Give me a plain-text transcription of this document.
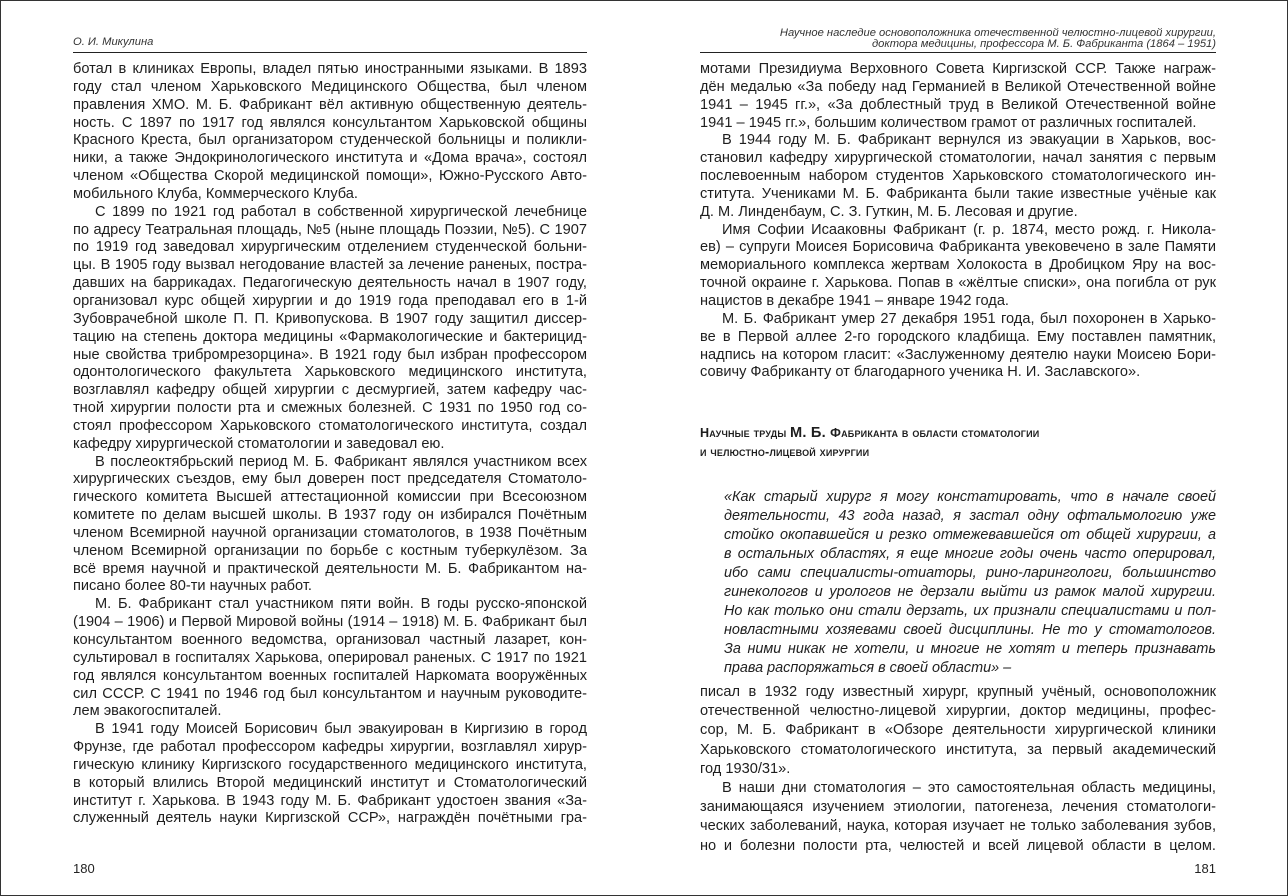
О. И. Микулина
ботал в клиниках Европы, владел пятью иностранными языками. В 1893
году стал членом Харьковского Медицинского Общества, был членом
правления ХМО. М. Б. Фабрикант вёл активную общественную деятель-
ность. С 1897 по 1917 год являлся консультантом Харьковской общины
Красного Креста, был организатором студенческой больницы и поликли-
ники, а также Эндокринологического института и «Дома врача», состоял
членом «Общества Скорой медицинской помощи», Южно-Русского Авто-
мобильного Клуба, Коммерческого Клуба.
С 1899 по 1921 год работал в собственной хирургической лечебнице
по адресу Театральная площадь, №5 (ныне площадь Поэзии, №5). С 1907
по 1919 год заведовал хирургическим отделением студенческой больни-
цы. В 1905 году вызвал негодование властей за лечение раненых, постра-
давших на баррикадах. Педагогическую деятельность начал в 1907 году,
организовал курс общей хирургии и до 1919 года преподавал его в 1-й
Зубоврачебной школе П. П. Кривопускова. В 1907 году защитил диссер-
тацию на степень доктора медицины «Фармакологические и бактерицид-
ные свойства трибромрезорцина». В 1921 году был избран профессором
одонтологического факультета Харьковского медицинского института,
возглавлял кафедру общей хирургии с десмургией, затем кафедру час-
тной хирургии полости рта и смежных болезней. С 1931 по 1950 год со-
стоял профессором Харьковского стоматологического института, создал
кафедру хирургической стоматологии и заведовал ею.
В послеоктябрьский период М. Б. Фабрикант являлся участником всех
хирургических съездов, ему был доверен пост председателя Стоматоло-
гического комитета Высшей аттестационной комиссии при Всесоюзном
комитете по делам высшей школы. В 1937 году он избирался Почётным
членом Всемирной научной организации стоматологов, в 1938 Почётным
членом Всемирной организации по борьбе с костным туберкулёзом. За
всё время научной и практической деятельности М. Б. Фабрикантом на-
писано более 80-ти научных работ.
М. Б. Фабрикант стал участником пяти войн. В годы русско-японской
(1904 – 1906) и Первой Мировой войны (1914 – 1918) М. Б. Фабрикант был
консультантом военного ведомства, организовал частный лазарет, кон-
сультировал в госпиталях Харькова, оперировал раненых. С 1917 по 1921
год являлся консультантом военных госпиталей Наркомата вооружённых
сил СССР. С 1941 по 1946 год был консультантом и научным руководите-
лем эвакогоспиталей.
В 1941 году Моисей Борисович был эвакуирован в Киргизию в город
Фрунзе, где работал профессором кафедры хирургии, возглавлял хирур-
гическую клинику Киргизского государственного медицинского института,
в который влились Второй медицинский институт и Стоматологический
институт г. Харькова. В 1943 году М. Б. Фабрикант удостоен звания «За-
служенный деятель науки Киргизской ССР», награждён почётными гра-
180
Научное наследие основоположника отечественной челюстно-лицевой хирургии,
доктора медицины, профессора М. Б. Фабриканта (1864 – 1951)
мотами Президиума Верховного Совета Киргизской ССР. Также награж-
дён медалью «За победу над Германией в Великой Отечественной войне
1941 – 1945 гг.», «За доблестный труд в Великой Отечественной войне
1941 – 1945 гг.», большим количеством грамот от различных госпиталей.
В 1944 году М. Б. Фабрикант вернулся из эвакуации в Харьков, вос-
становил кафедру хирургической стоматологии, начал занятия с первым
послевоенным набором студентов Харьковского стоматологического ин-
ститута. Учениками М. Б. Фабриканта были такие известные учёные как
Д. М. Линденбаум, С. З. Гуткин, М. Б. Лесовая и другие.
Имя Софии Исааковны Фабрикант (г. р. 1874, место рожд. г. Никола-
ев) – супруги Моисея Борисовича Фабриканта увековечено в зале Памяти
мемориального комплекса жертвам Холокоста в Дробицком Яру на вос-
точной окраине г. Харькова. Попав в «жёлтые списки», она погибла от рук
нацистов в декабре 1941 – январе 1942 года.
М. Б. Фабрикант умер 27 декабря 1951 года, был похоронен в Харько-
ве в Первой аллее 2-го городского кладбища. Ему поставлен памятник,
надпись на котором гласит: «Заслуженному деятелю науки Моисею Бори-
совичу Фабриканту от благодарного ученика Н. И. Заславского».
Научные труды М. Б. Фабриканта в области стоматологии
и челюстно-лицевой хирургии
«Как старый хирург я могу констатировать, что в начале своей
деятельности, 43 года назад, я застал одну офтальмологию уже
стойко окопавшейся и резко отмежевавшейся от общей хирургии, а
в остальных областях, я еще многие годы очень часто оперировал,
ибо сами специалисты-отиаторы, рино-ларингологи, большинство
гинекологов и урологов не дерзали выйти из рамок малой хирургии.
Но как только они стали дерзать, их признали специалистами и пол-
новластными хозяевами своей дисциплины. Не то у стоматологов.
За ними никак не хотели, и многие не хотят и теперь признавать
права распоряжаться в своей области» –
писал в 1932 году известный хирург, крупный учёный, основоположник
отечественной челюстно-лицевой хирургии, доктор медицины, профес-
сор, М. Б. Фабрикант в «Обзоре деятельности хирургической клиники
Харьковского стоматологического института, за первый академический
год 1930/31».
В наши дни стоматология – это самостоятельная область медицины,
занимающаяся изучением этиологии, патогенеза, лечения стоматологи-
ческих заболеваний, наука, которая изучает не только заболевания зубов,
но и болезни полости рта, челюстей и всей лицевой области в целом.
181
